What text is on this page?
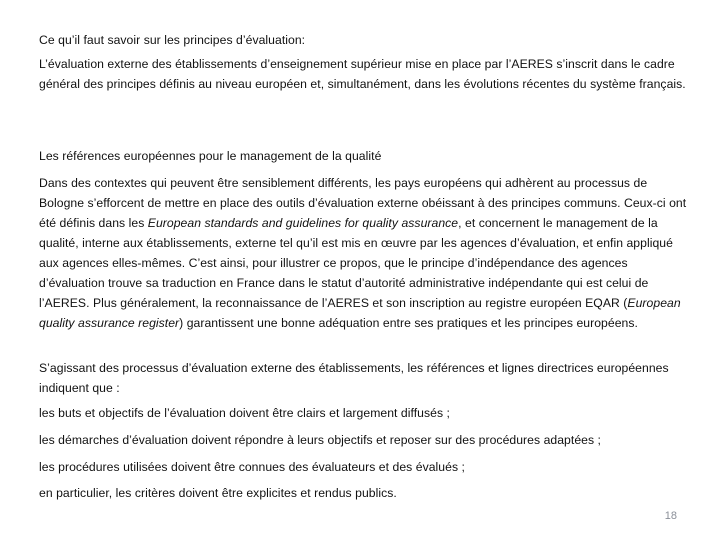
Ce qu’il faut savoir sur les principes d’évaluation:

L’évaluation externe des établissements d’enseignement supérieur mise en place par l’AERES s’inscrit dans le cadre général des principes définis au niveau européen et, simultanément, dans les évolutions récentes du système français.

Les références européennes pour le management de la qualité

Dans des contextes qui peuvent être sensiblement différents, les pays européens qui adhèrent au processus de Bologne s’efforcent de mettre en place des outils d’évaluation externe obéissant à des principes communs. Ceux-ci ont été définis dans les European standards and guidelines for quality assurance, et concernent le management de la qualité, interne aux établissements, externe tel qu’il est mis en œuvre par les agences d’évaluation, et enfin appliqué aux agences elles-mêmes. C’est ainsi, pour illustrer ce propos, que le principe d’indépendance des agences d’évaluation trouve sa traduction en France dans le statut d’autorité administrative indépendante qui est celui de l’AERES. Plus généralement, la reconnaissance de l’AERES et son inscription au registre européen EQAR (European quality assurance register) garantissent une bonne adéquation entre ses pratiques et les principes européens.

S’agissant des processus d’évaluation externe des établissements, les références et lignes directrices européennes indiquent que :

les buts et objectifs de l’évaluation doivent être clairs et largement diffusés ;

les démarches d’évaluation doivent répondre à leurs objectifs et reposer sur des procédures adaptées ;

les procédures utilisées doivent être connues des évaluateurs et des évalués ;

en particulier, les critères doivent être explicites et rendus publics.

18
